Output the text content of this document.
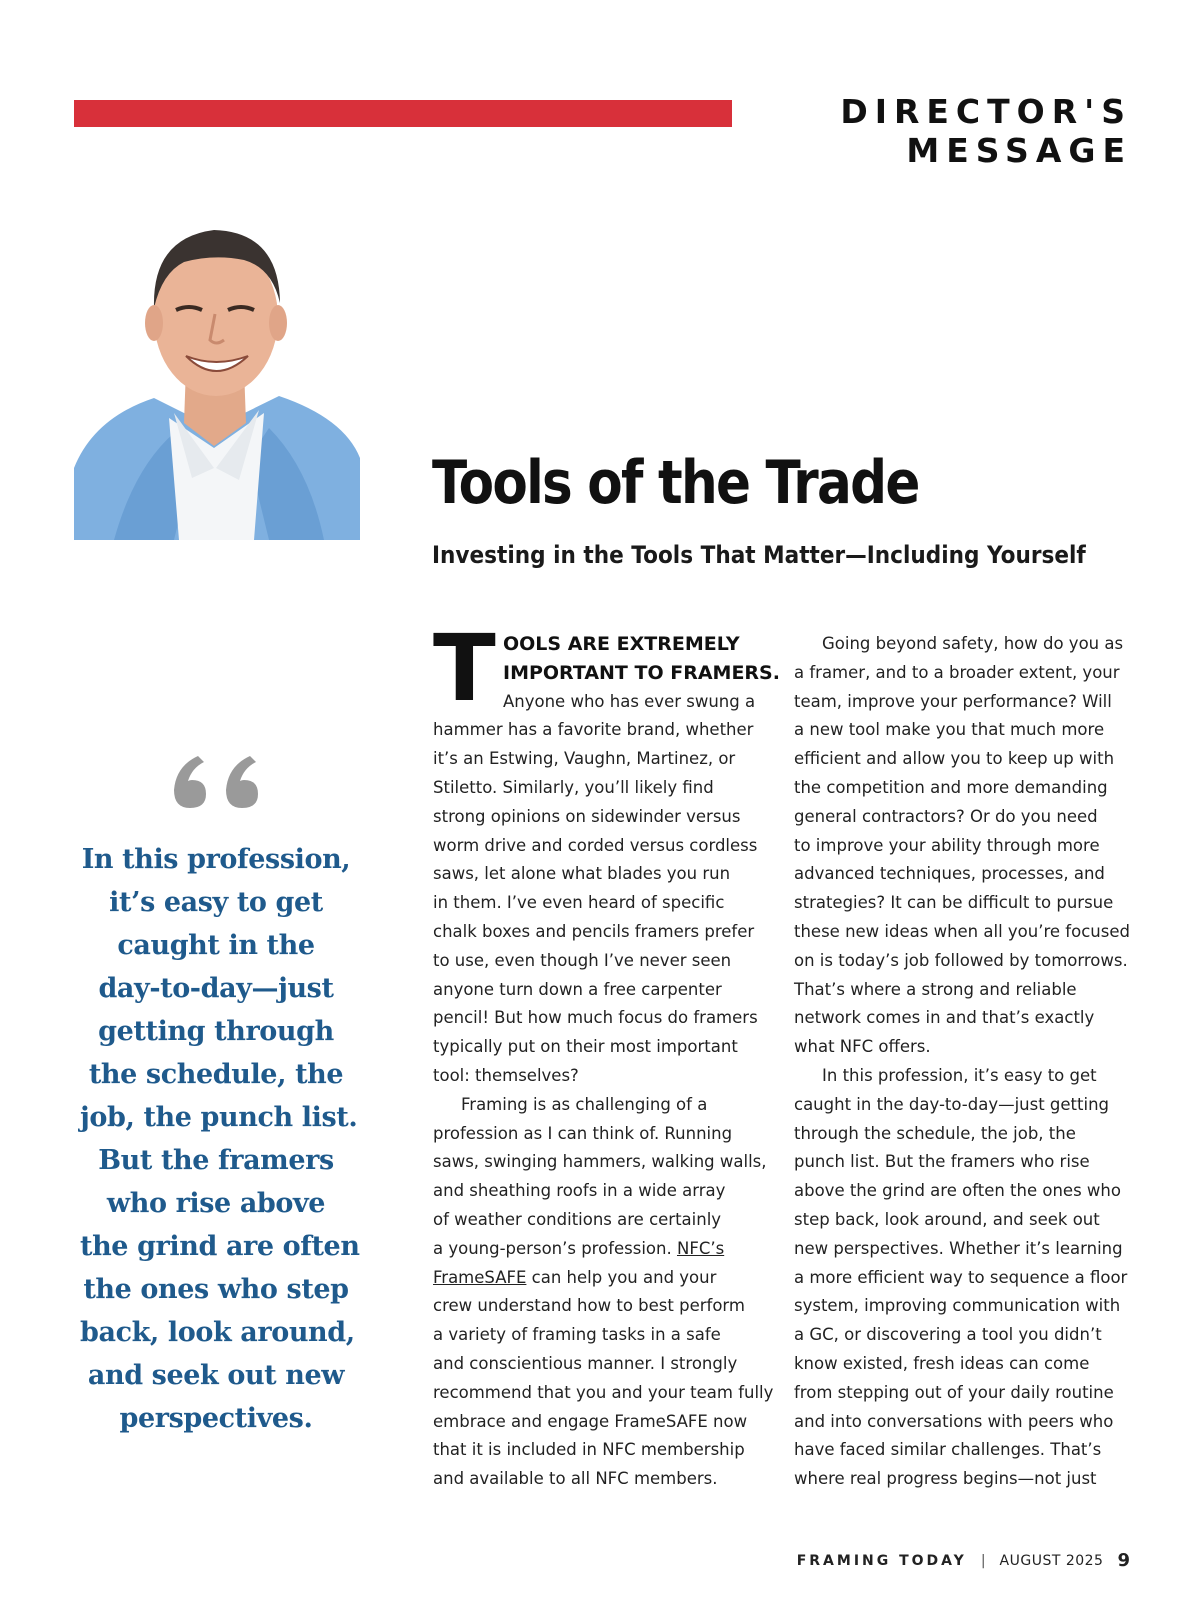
DIRECTOR'S MESSAGE
Tools of the Trade
Investing in the Tools That Matter—Including Yourself
In this profession,
it’s easy to get
caught in the
day-to-day—just
getting through
the schedule, the
job, the punch list.
But the framers
who rise above
the grind are often
the ones who step
back, look around,
and seek out new
perspectives.
T OOLS ARE EXTREMELY
IMPORTANT TO FRAMERS.
Anyone who has ever swung a
hammer has a favorite brand, whether
it’s an Estwing, Vaughn, Martinez, or
Stiletto. Similarly, you’ll likely find
strong opinions on sidewinder versus
worm drive and corded versus cordless
saws, let alone what blades you run
in them. I’ve even heard of specific
chalk boxes and pencils framers prefer
to use, even though I’ve never seen
anyone turn down a free carpenter
pencil! But how much focus do framers
typically put on their most important
tool: themselves?
Framing is as challenging of a
profession as I can think of. Running
saws, swinging hammers, walking walls,
and sheathing roofs in a wide array
of weather conditions are certainly
a young-person’s profession. NFC’s
FrameSAFE can help you and your
crew understand how to best perform
a variety of framing tasks in a safe
and conscientious manner. I strongly
recommend that you and your team fully
embrace and engage FrameSAFE now
that it is included in NFC membership
and available to all NFC members.
Going beyond safety, how do you as
a framer, and to a broader extent, your
team, improve your performance? Will
a new tool make you that much more
efficient and allow you to keep up with
the competition and more demanding
general contractors? Or do you need
to improve your ability through more
advanced techniques, processes, and
strategies? It can be difficult to pursue
these new ideas when all you’re focused
on is today’s job followed by tomorrows.
That’s where a strong and reliable
network comes in and that’s exactly
what NFC offers.
In this profession, it’s easy to get
caught in the day-to-day—just getting
through the schedule, the job, the
punch list. But the framers who rise
above the grind are often the ones who
step back, look around, and seek out
new perspectives. Whether it’s learning
a more efficient way to sequence a floor
system, improving communication with
a GC, or discovering a tool you didn’t
know existed, fresh ideas can come
from stepping out of your daily routine
and into conversations with peers who
have faced similar challenges. That’s
where real progress begins—not just
FRAMING TODAY | AUGUST 2025 9
